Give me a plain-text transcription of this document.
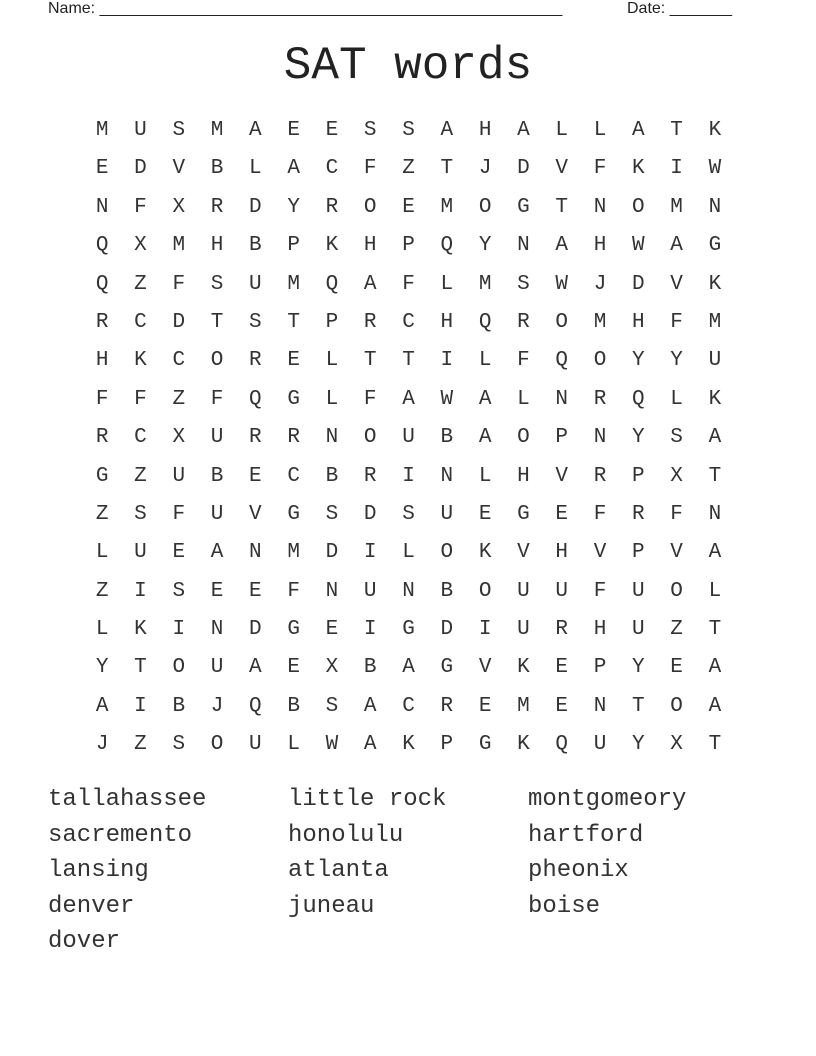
Name: ____________________________________________________	Date: _______
SAT words
M	U	S	M	A	E	E	S	S	A	H	A	L	L	A	T	K
E	D	V	B	L	A	C	F	Z	T	J	D	V	F	K	I	W
N	F	X	R	D	Y	R	O	E	M	O	G	T	N	O	M	N
Q	X	M	H	B	P	K	H	P	Q	Y	N	A	H	W	A	G
Q	Z	F	S	U	M	Q	A	F	L	M	S	W	J	D	V	K
R	C	D	T	S	T	P	R	C	H	Q	R	O	M	H	F	M
H	K	C	O	R	E	L	T	T	I	L	F	Q	O	Y	Y	U
F	F	Z	F	Q	G	L	F	A	W	A	L	N	R	Q	L	K
R	C	X	U	R	R	N	O	U	B	A	O	P	N	Y	S	A
G	Z	U	B	E	C	B	R	I	N	L	H	V	R	P	X	T
Z	S	F	U	V	G	S	D	S	U	E	G	E	F	R	F	N
L	U	E	A	N	M	D	I	L	O	K	V	H	V	P	V	A
Z	I	S	E	E	F	N	U	N	B	O	U	U	F	U	O	L
L	K	I	N	D	G	E	I	G	D	I	U	R	H	U	Z	T
Y	T	O	U	A	E	X	B	A	G	V	K	E	P	Y	E	A
A	I	B	J	Q	B	S	A	C	R	E	M	E	N	T	O	A
J	Z	S	O	U	L	W	A	K	P	G	K	Q	U	Y	X	T
tallahassee	little rock	montgomeory
sacremento	honolulu	hartford
lansing	atlanta	pheonix
denver	juneau	boise
dover
